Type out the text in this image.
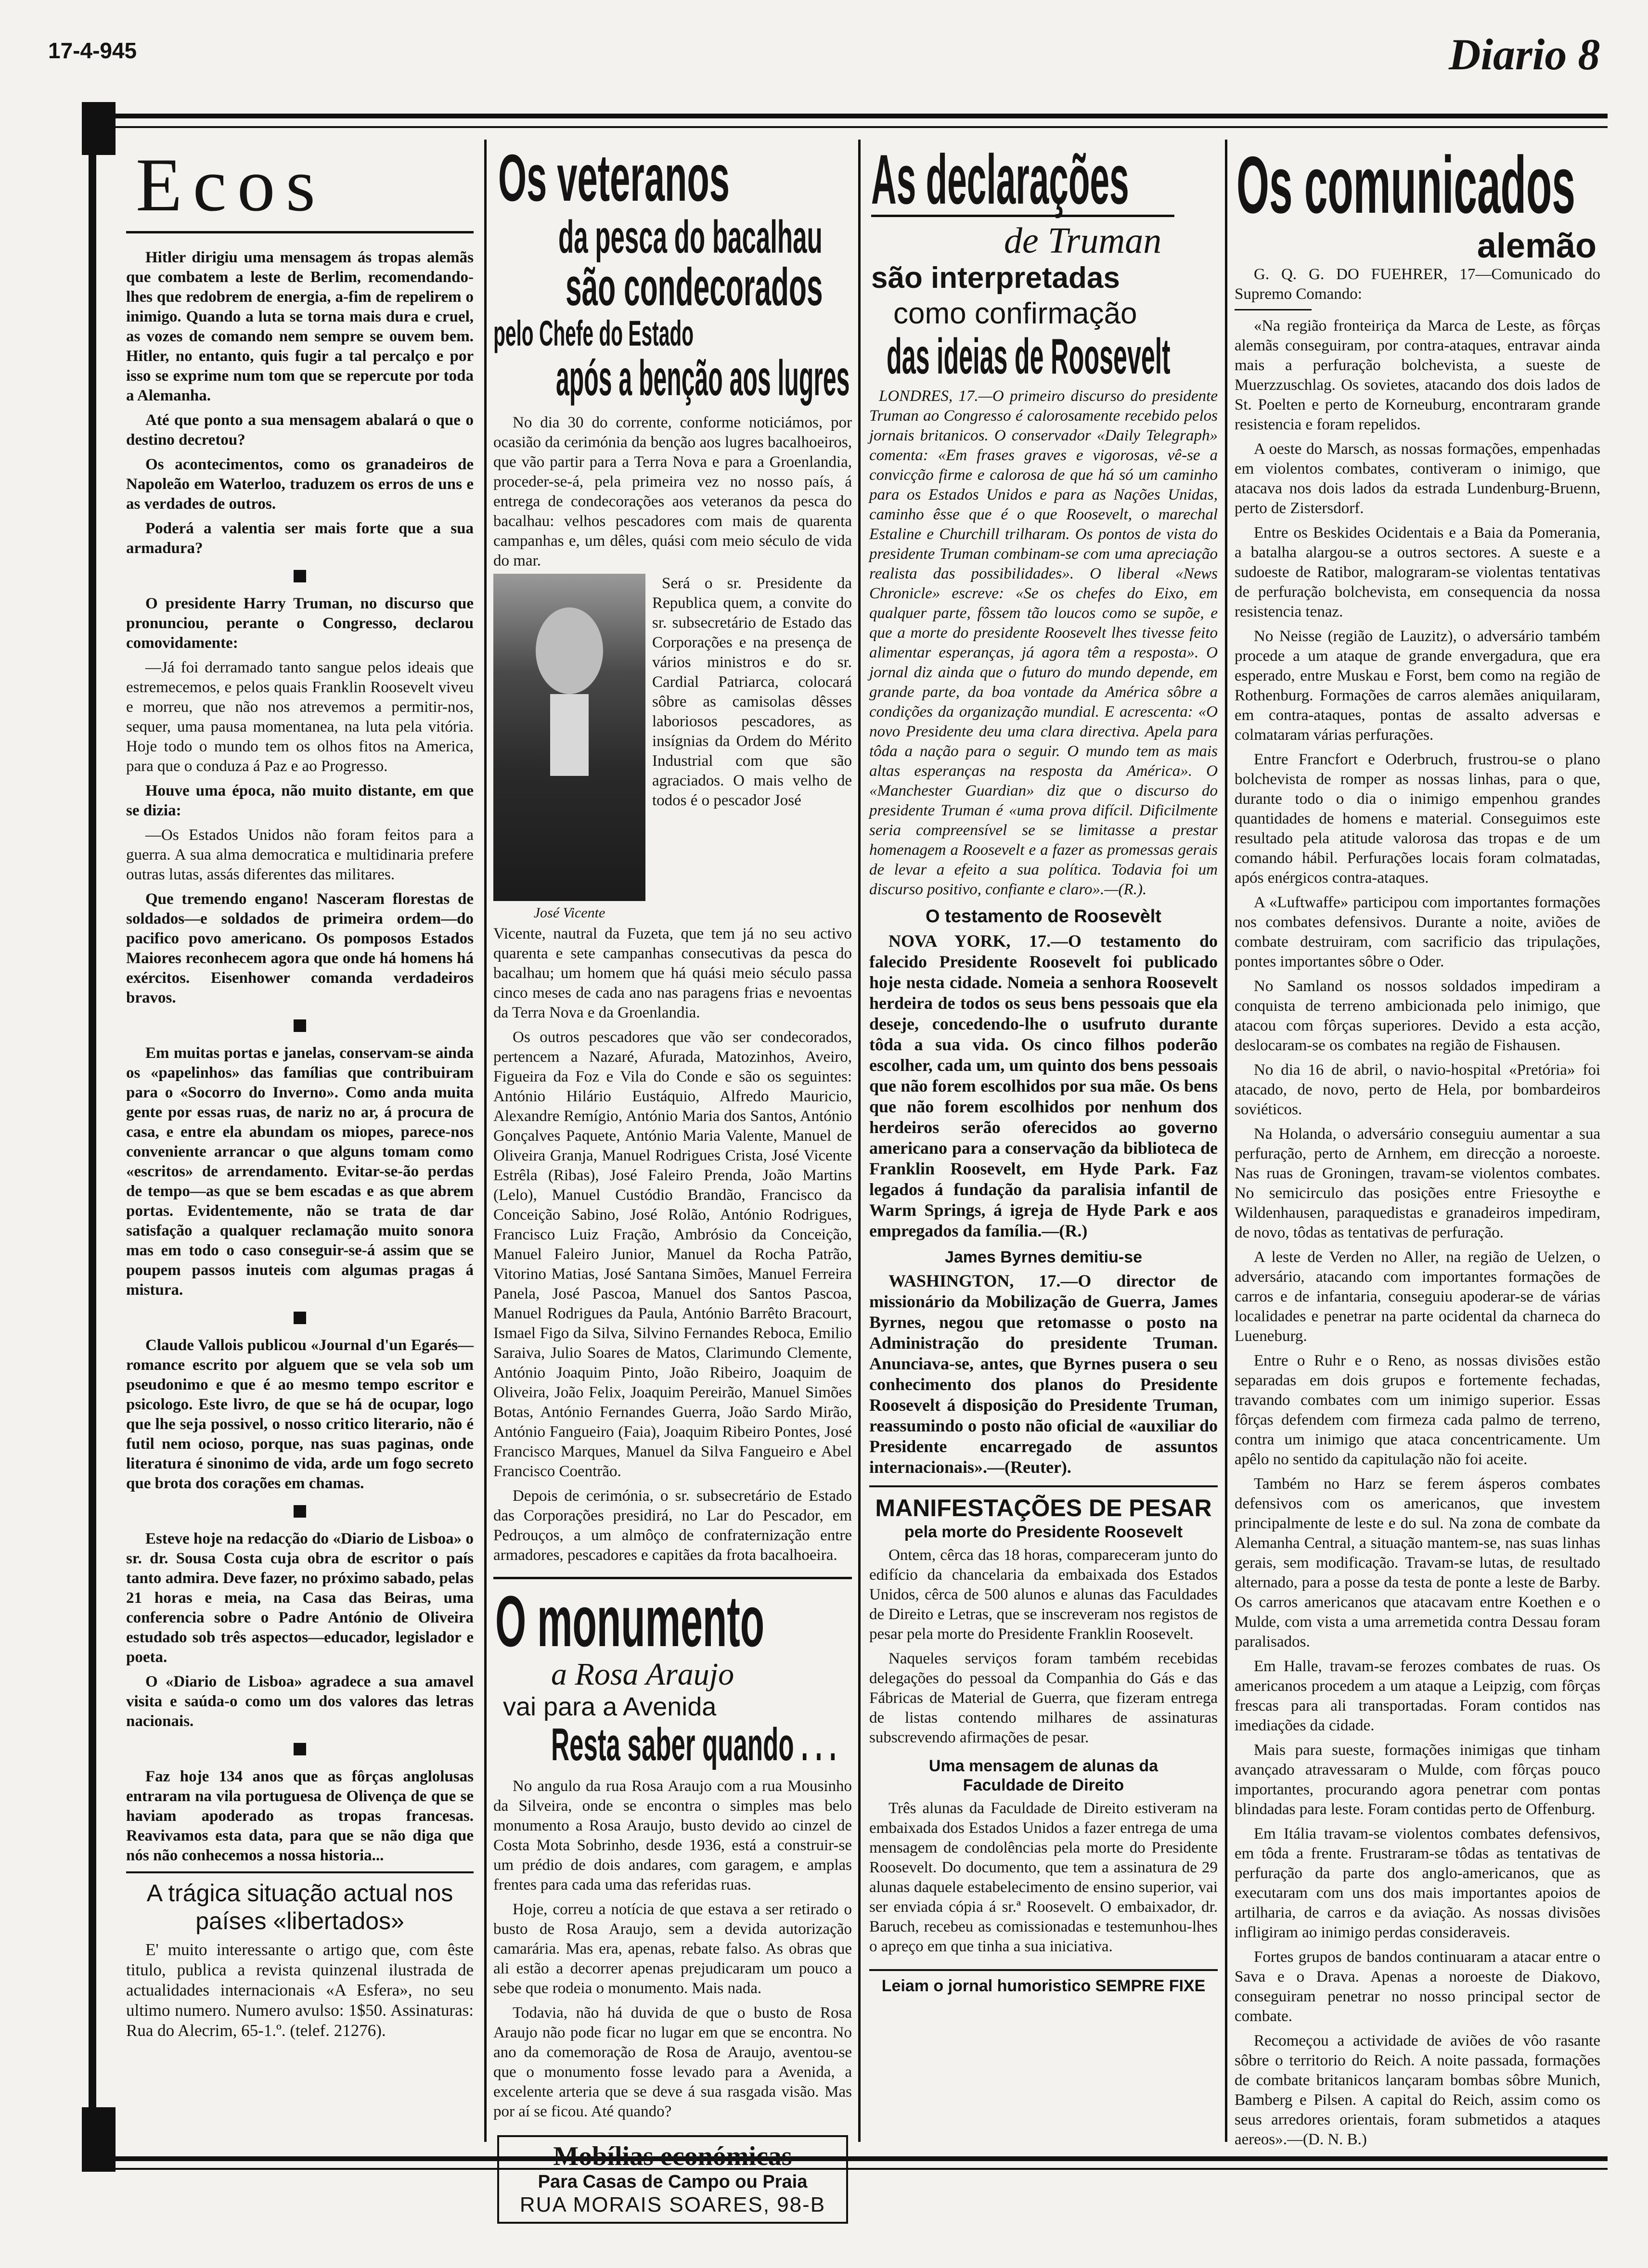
17-4-945	Diario 8
Ecos

Hitler dirigiu uma mensagem ás tropas alemãs que combatem a leste de Berlim, recomendando-lhes que redobrem de energia, a-fim de repelirem o inimigo. Quando a luta se torna mais dura e cruel, as vozes de comando nem sempre se ouvem bem. Hitler, no entanto, quis fugir a tal percalço e por isso se exprime num tom que se repercute por toda a Alemanha.

Até que ponto a sua mensagem abalará o que o destino decretou?

Os acontecimentos, como os granadeiros de Napoleão em Waterloo, traduzem os erros de uns e as verdades de outros.

Poderá a valentia ser mais forte que a sua armadura?

O presidente Harry Truman, no discurso que pronunciou, perante o Congresso, declarou comovidamente:

—Já foi derramado tanto sangue pelos ideais que estremecemos, e pelos quais Franklin Roosevelt viveu e morreu, que não nos atrevemos a permitir-nos, sequer, uma pausa momentanea, na luta pela vitória. Hoje todo o mundo tem os olhos fitos na America, para que o conduza á Paz e ao Progresso.

Houve uma época, não muito distante, em que se dizia:

—Os Estados Unidos não foram feitos para a guerra. A sua alma democratica e multidinaria prefere outras lutas, assás diferentes das militares.

Que tremendo engano! Nasceram florestas de soldados—e soldados de primeira ordem—do pacifico povo americano. Os pomposos Estados Maiores reconhecem agora que onde há homens há exércitos. Eisenhower comanda verdadeiros bravos.

Em muitas portas e janelas, conservam-se ainda os «papelinhos» das famílias que contribuiram para o «Socorro do Inverno». Como anda muita gente por essas ruas, de nariz no ar, á procura de casa, e entre ela abundam os miopes, parece-nos conveniente arrancar o que alguns tomam como «escritos» de arrendamento. Evitar-se-ão perdas de tempo—as que se bem escadas e as que abrem portas. Evidentemente, não se trata de dar satisfação a qualquer reclamação muito sonora mas em todo o caso conseguir-se-á assim que se poupem passos inuteis com algumas pragas á mistura.

Claude Vallois publicou «Journal d'un Egarés—romance escrito por alguem que se vela sob um pseudonimo e que é ao mesmo tempo escritor e psicologo. Este livro, de que se há de ocupar, logo que lhe seja possivel, o nosso critico literario, não é futil nem ocioso, porque, nas suas paginas, onde literatura é sinonimo de vida, arde um fogo secreto que brota dos corações em chamas.

Esteve hoje na redacção do «Diario de Lisboa» o sr. dr. Sousa Costa cuja obra de escritor o país tanto admira. Deve fazer, no próximo sabado, pelas 21 horas e meia, na Casa das Beiras, uma conferencia sobre o Padre António de Oliveira estudado sob três aspectos—educador, legislador e poeta.

O «Diario de Lisboa» agradece a sua amavel visita e saúda-o como um dos valores das letras nacionais.

Faz hoje 134 anos que as fôrças anglolusas entraram na vila portuguesa de Olivença de que se haviam apoderado as tropas francesas. Reavivamos esta data, para que se não diga que nós não conhecemos a nossa historia...

A trágica situação actual nos países «libertados»

E' muito interessante o artigo que, com êste titulo, publica a revista quinzenal ilustrada de actualidades internacionais «A Esfera», no seu ultimo numero. Numero avulso: 1$50. Assinaturas: Rua do Alecrim, 65-1.º. (telef. 21276).

Os veteranos
da pesca do bacalhau
são condecorados
pelo Chefe do Estado
após a benção aos lugres

No dia 30 do corrente, conforme noticiámos, por ocasião da cerimónia da benção aos lugres bacalhoeiros, que vão partir para a Terra Nova e para a Groenlandia, proceder-se-á, pela primeira vez no nosso país, á entrega de condecorações aos veteranos da pesca do bacalhau: velhos pescadores com mais de quarenta campanhas e, um dêles, quási com meio século de vida do mar.

José Vicente

Será o sr. Presidente da Republica quem, a convite do sr. subsecretário de Estado das Corporações e na presença de vários ministros e do sr. Cardial Patriarca, colocará sôbre as camisolas dêsses laboriosos pescadores, as insígnias da Ordem do Mérito Industrial com que são agraciados. O mais velho de todos é o pescador José

Vicente, nautral da Fuzeta, que tem já no seu activo quarenta e sete campanhas consecutivas da pesca do bacalhau; um homem que há quási meio século passa cinco meses de cada ano nas paragens frias e nevoentas da Terra Nova e da Groenlandia.

Os outros pescadores que vão ser condecorados, pertencem a Nazaré, Afurada, Matozinhos, Aveiro, Figueira da Foz e Vila do Conde e são os seguintes: António Hilário Eustáquio, Alfredo Mauricio, Alexandre Remígio, António Maria dos Santos, António Gonçalves Paquete, António Maria Valente, Manuel de Oliveira Granja, Manuel Rodrigues Crista, José Vicente Estrêla (Ribas), José Faleiro Prenda, João Martins (Lelo), Manuel Custódio Brandão, Francisco da Conceição Sabino, José Rolão, António Rodrigues, Francisco Luiz Fração, Ambrósio da Conceição, Manuel Faleiro Junior, Manuel da Rocha Patrão, Vitorino Matias, José Santana Simões, Manuel Ferreira Panela, José Pascoa, Manuel dos Santos Pascoa, Manuel Rodrigues da Paula, António Barrêto Bracourt, Ismael Figo da Silva, Silvino Fernandes Reboca, Emilio Saraiva, Julio Soares de Matos, Clarimundo Clemente, António Joaquim Pinto, João Ribeiro, Joaquim de Oliveira, João Felix, Joaquim Pereirão, Manuel Simões Botas, António Fernandes Guerra, João Sardo Mirão, António Fangueiro (Faia), Joaquim Ribeiro Pontes, José Francisco Marques, Manuel da Silva Fangueiro e Abel Francisco Coentrão.

Depois de cerimónia, o sr. subsecretário de Estado das Corporações presidirá, no Lar do Pescador, em Pedrouços, a um almôço de confraternização entre armadores, pescadores e capitães da frota bacalhoeira.

O monumento
a Rosa Araujo
vai para a Avenida
Resta saber quando . . .

No angulo da rua Rosa Araujo com a rua Mousinho da Silveira, onde se encontra o simples mas belo monumento a Rosa Araujo, busto devido ao cinzel de Costa Mota Sobrinho, desde 1936, está a construir-se um prédio de dois andares, com garagem, e amplas frentes para cada uma das referidas ruas.

Hoje, correu a notícia de que estava a ser retirado o busto de Rosa Araujo, sem a devida autorização camarária. Mas era, apenas, rebate falso. As obras que ali estão a decorrer apenas prejudicaram um pouco a sebe que rodeia o monumento. Mais nada.

Todavia, não há duvida de que o busto de Rosa Araujo não pode ficar no lugar em que se encontra. No ano da comemoração de Rosa de Araujo, aventou-se que o monumento fosse levado para a Avenida, a excelente arteria que se deve á sua rasgada visão. Mas por aí se ficou. Até quando?

Mobílias económicas
Para Casas de Campo ou Praia
RUA MORAIS SOARES, 98-B
As declarações
de Truman
são interpretadas
como confirmação
das ideias de Roosevelt

LONDRES, 17.—O primeiro discurso do presidente Truman ao Congresso é calorosamente recebido pelos jornais britanicos. O conservador «Daily Telegraph» comenta: «Em frases graves e vigorosas, vê-se a convicção firme e calorosa de que há só um caminho para os Estados Unidos e para as Nações Unidas, caminho êsse que é o que Roosevelt, o marechal Estaline e Churchill trilharam. Os pontos de vista do presidente Truman combinam-se com uma apreciação realista das possibilidades». O liberal «News Chronicle» escreve: «Se os chefes do Eixo, em qualquer parte, fôssem tão loucos como se supõe, e que a morte do presidente Roosevelt lhes tivesse feito alimentar esperanças, já agora têm a resposta». O jornal diz ainda que o futuro do mundo depende, em grande parte, da boa vontade da América sôbre a condições da organização mundial. E acrescenta: «O novo Presidente deu uma clara directiva. Apela para tôda a nação para o seguir. O mundo tem as mais altas esperanças na resposta da América». O «Manchester Guardian» diz que o discurso do presidente Truman é «uma prova difícil. Dificilmente seria compreensível se se limitasse a prestar homenagem a Roosevelt e a fazer as promessas gerais de levar a efeito a sua política. Todavia foi um discurso positivo, confiante e claro».—(R.).

O testamento de Roosevèlt

NOVA YORK, 17.—O testamento do falecido Presidente Roosevelt foi publicado hoje nesta cidade. Nomeia a senhora Roosevelt herdeira de todos os seus bens pessoais que ela deseje, concedendo-lhe o usufruto durante tôda a sua vida. Os cinco filhos poderão escolher, cada um, um quinto dos bens pessoais que não forem escolhidos por sua mãe. Os bens que não forem escolhidos por nenhum dos herdeiros serão oferecidos ao governo americano para a conservação da biblioteca de Franklin Roosevelt, em Hyde Park. Faz legados á fundação da paralisia infantil de Warm Springs, á igreja de Hyde Park e aos empregados da família.—(R.)

James Byrnes demitiu-se

WASHINGTON, 17.—O director de missionário da Mobilização de Guerra, James Byrnes, negou que retomasse o posto na Administração do presidente Truman. Anunciava-se, antes, que Byrnes pusera o seu conhecimento dos planos do Presidente Roosevelt á disposição do Presidente Truman, reassumindo o posto não oficial de «auxiliar do Presidente encarregado de assuntos internacionais».—(Reuter).

MANIFESTAÇÕES DE PESAR
pela morte do Presidente Roosevelt

Ontem, cêrca das 18 horas, compareceram junto do edifício da chancelaria da embaixada dos Estados Unidos, cêrca de 500 alunos e alunas das Faculdades de Direito e Letras, que se inscreveram nos registos de pesar pela morte do Presidente Franklin Roosevelt.

Naqueles serviços foram também recebidas delegações do pessoal da Companhia do Gás e das Fábricas de Material de Guerra, que fizeram entrega de listas contendo milhares de assinaturas subscrevendo afirmações de pesar.

Uma mensagem de alunas da Faculdade de Direito

Três alunas da Faculdade de Direito estiveram na embaixada dos Estados Unidos a fazer entrega de uma mensagem de condolências pela morte do Presidente Roosevelt. Do documento, que tem a assinatura de 29 alunas daquele estabelecimento de ensino superior, vai ser enviada cópia á sr.ª Roosevelt. O embaixador, dr. Baruch, recebeu as comissionadas e testemunhou-lhes o apreço em que tinha a sua iniciativa.

Leiam o jornal humoristico SEMPRE FIXE
Os comunicados
alemão

G. Q. G. DO FUEHRER, 17—Comunicado do Supremo Comando:

«Na região fronteiriça da Marca de Leste, as fôrças alemãs conseguiram, por contra-ataques, entravar ainda mais a perfuração bolchevista, a sueste de Muerzzuschlag. Os sovietes, atacando dos dois lados de St. Poelten e perto de Korneuburg, encontraram grande resistencia e foram repelidos.

A oeste do Marsch, as nossas formações, empenhadas em violentos combates, contiveram o inimigo, que atacava nos dois lados da estrada Lundenburg-Bruenn, perto de Zistersdorf.

Entre os Beskides Ocidentais e a Baia da Pomerania, a batalha alargou-se a outros sectores. A sueste e a sudoeste de Ratibor, malograram-se violentas tentativas de perfuração bolchevista, em consequencia da nossa resistencia tenaz.

No Neisse (região de Lauzitz), o adversário também procede a um ataque de grande envergadura, que era esperado, entre Muskau e Forst, bem como na região de Rothenburg. Formações de carros alemães aniquilaram, em contra-ataques, pontas de assalto adversas e colmataram várias perfurações.

Entre Francfort e Oderbruch, frustrou-se o plano bolchevista de romper as nossas linhas, para o que, durante todo o dia o inimigo empenhou grandes quantidades de homens e material. Conseguimos este resultado pela atitude valorosa das tropas e de um comando hábil. Perfurações locais foram colmatadas, após enérgicos contra-ataques.

A «Luftwaffe» participou com importantes formações nos combates defensivos. Durante a noite, aviões de combate destruiram, com sacrificio das tripulações, pontes importantes sôbre o Oder.

No Samland os nossos soldados impediram a conquista de terreno ambicionada pelo inimigo, que atacou com fôrças superiores. Devido a esta acção, deslocaram-se os combates na região de Fishausen.

No dia 16 de abril, o navio-hospital «Pretória» foi atacado, de novo, perto de Hela, por bombardeiros soviéticos.

Na Holanda, o adversário conseguiu aumentar a sua perfuração, perto de Arnhem, em direcção a noroeste. Nas ruas de Groningen, travam-se violentos combates. No semicirculo das posições entre Friesoythe e Wildenhausen, paraquedistas e granadeiros impediram, de novo, tôdas as tentativas de perfuração.

A leste de Verden no Aller, na região de Uelzen, o adversário, atacando com importantes formações de carros e de infantaria, conseguiu apoderar-se de várias localidades e penetrar na parte ocidental da charneca do Lueneburg.

Entre o Ruhr e o Reno, as nossas divisões estão separadas em dois grupos e fortemente fechadas, travando combates com um inimigo superior. Essas fôrças defendem com firmeza cada palmo de terreno, contra um inimigo que ataca concentricamente. Um apêlo no sentido da capitulação não foi aceite.

Também no Harz se ferem ásperos combates defensivos com os americanos, que investem principalmente de leste e do sul. Na zona de combate da Alemanha Central, a situação mantem-se, nas suas linhas gerais, sem modificação. Travam-se lutas, de resultado alternado, para a posse da testa de ponte a leste de Barby. Os carros americanos que atacavam entre Koethen e o Mulde, com vista a uma arremetida contra Dessau foram paralisados.

Em Halle, travam-se ferozes combates de ruas. Os americanos procedem a um ataque a Leipzig, com fôrças frescas para ali transportadas. Foram contidos nas imediações da cidade.

Mais para sueste, formações inimigas que tinham avançado atravessaram o Mulde, com fôrças pouco importantes, procurando agora penetrar com pontas blindadas para leste. Foram contidas perto de Offenburg.

Em Itália travam-se violentos combates defensivos, em tôda a frente. Frustraram-se tôdas as tentativas de perfuração da parte dos anglo-americanos, que as executaram com uns dos mais importantes apoios de artilharia, de carros e da aviação. As nossas divisões infligiram ao inimigo perdas consideraveis.

Fortes grupos de bandos continuaram a atacar entre o Sava e o Drava. Apenas a noroeste de Diakovo, conseguiram penetrar no nosso principal sector de combate.

Recomeçou a actividade de aviões de vôo rasante sôbre o territorio do Reich. A noite passada, formações de combate britanicos lançaram bombas sôbre Munich, Bamberg e Pilsen. A capital do Reich, assim como os seus arredores orientais, foram submetidos a ataques aereos».—(D. N. B.)
